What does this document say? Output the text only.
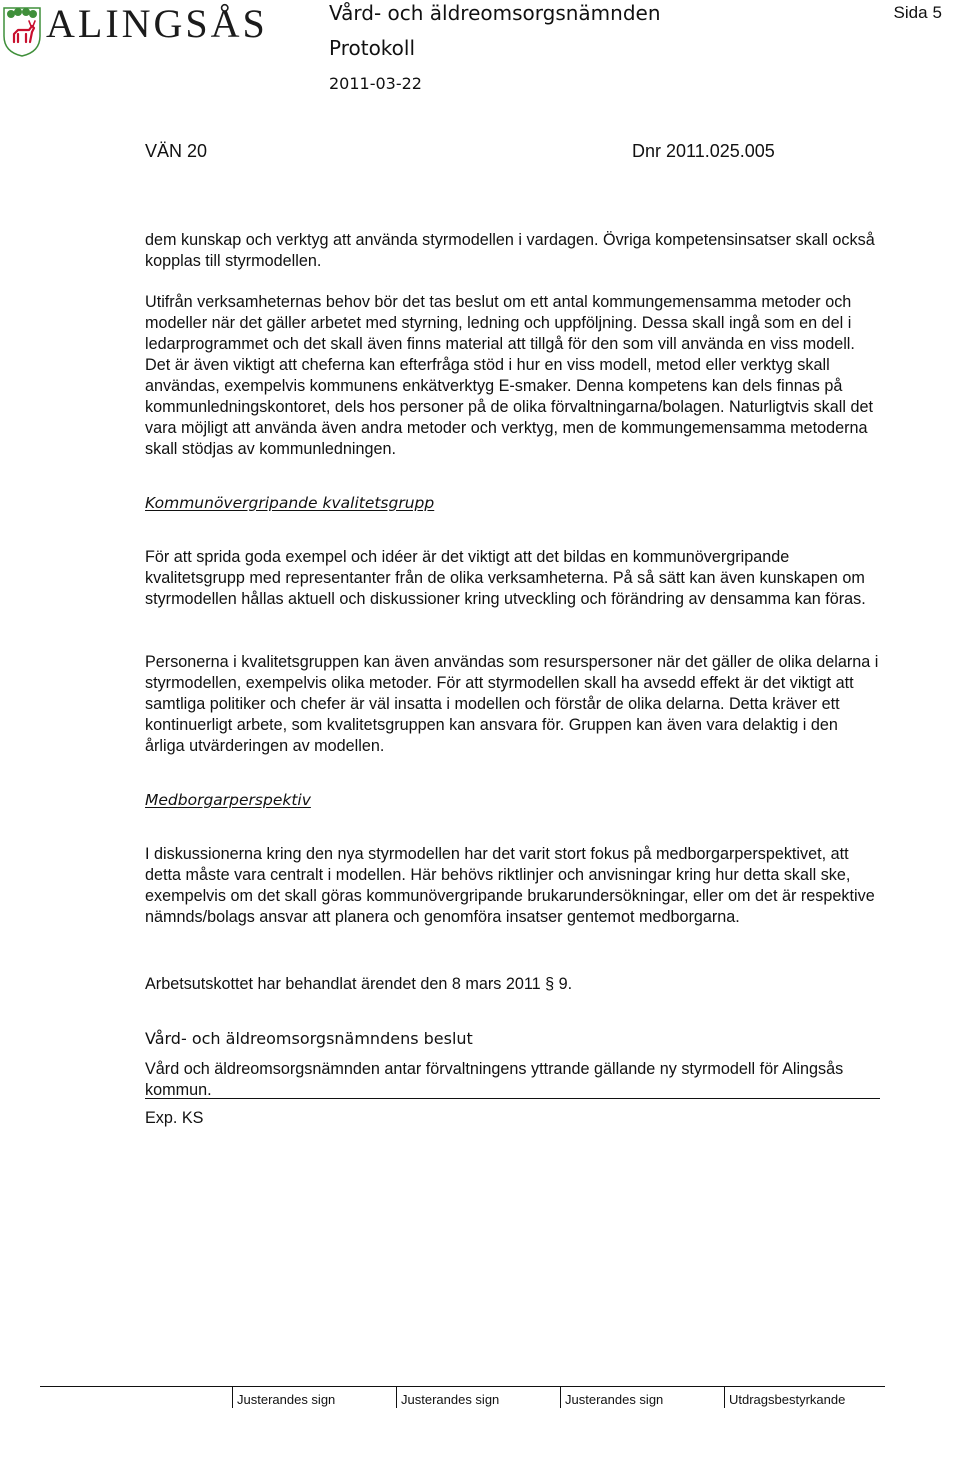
ALINGSÅS	Vård- och äldreomsorgsnämnden
Protokoll
2011-03-22
Sida 5
VÄN 20	Dnr 2011.025.005

dem kunskap och verktyg att använda styrmodellen i vardagen. Övriga kompetensinsatser skall också kopplas till styrmodellen.

Utifrån verksamheternas behov bör det tas beslut om ett antal kommungemensamma metoder och modeller när det gäller arbetet med styrning, ledning och uppföljning. Dessa skall ingå som en del i ledarprogrammet och det skall även finns material att tillgå för den som vill använda en viss modell. Det är även viktigt att cheferna kan efterfråga stöd i hur en viss modell, metod eller verktyg skall användas, exempelvis kommunens enkätverktyg E-smaker. Denna kompetens kan dels finnas på kommunledningskontoret, dels hos personer på de olika förvaltningarna/bolagen. Naturligtvis skall det vara möjligt att använda även andra metoder och verktyg, men de kommungemensamma metoderna skall stödjas av kommunledningen.

Kommunövergripande kvalitetsgrupp

För att sprida goda exempel och idéer är det viktigt att det bildas en kommunövergripande kvalitetsgrupp med representanter från de olika verksamheterna. På så sätt kan även kunskapen om styrmodellen hållas aktuell och diskussioner kring utveckling och förändring av densamma kan föras.

Personerna i kvalitetsgruppen kan även användas som resurspersoner när det gäller de olika delarna i styrmodellen, exempelvis olika metoder. För att styrmodellen skall ha avsedd effekt är det viktigt att samtliga politiker och chefer är väl insatta i modellen och förstår de olika delarna. Detta kräver ett kontinuerligt arbete, som kvalitetsgruppen kan ansvara för. Gruppen kan även vara delaktig i den årliga utvärderingen av modellen.

Medborgarperspektiv

I diskussionerna kring den nya styrmodellen har det varit stort fokus på medborgarperspektivet, att detta måste vara centralt i modellen. Här behövs riktlinjer och anvisningar kring hur detta skall ske, exempelvis om det skall göras kommunövergripande brukarundersökningar, eller om det är respektive nämnds/bolags ansvar att planera och genomföra insatser gentemot medborgarna.

Arbetsutskottet har behandlat ärendet den 8 mars 2011 § 9.

Vård- och äldreomsorgsnämndens beslut

Vård och äldreomsorgsnämnden antar förvaltningens yttrande gällande ny styrmodell för Alingsås kommun.

Exp. KS

Justerandes sign	Justerandes sign	Justerandes sign	Utdragsbestyrkande
